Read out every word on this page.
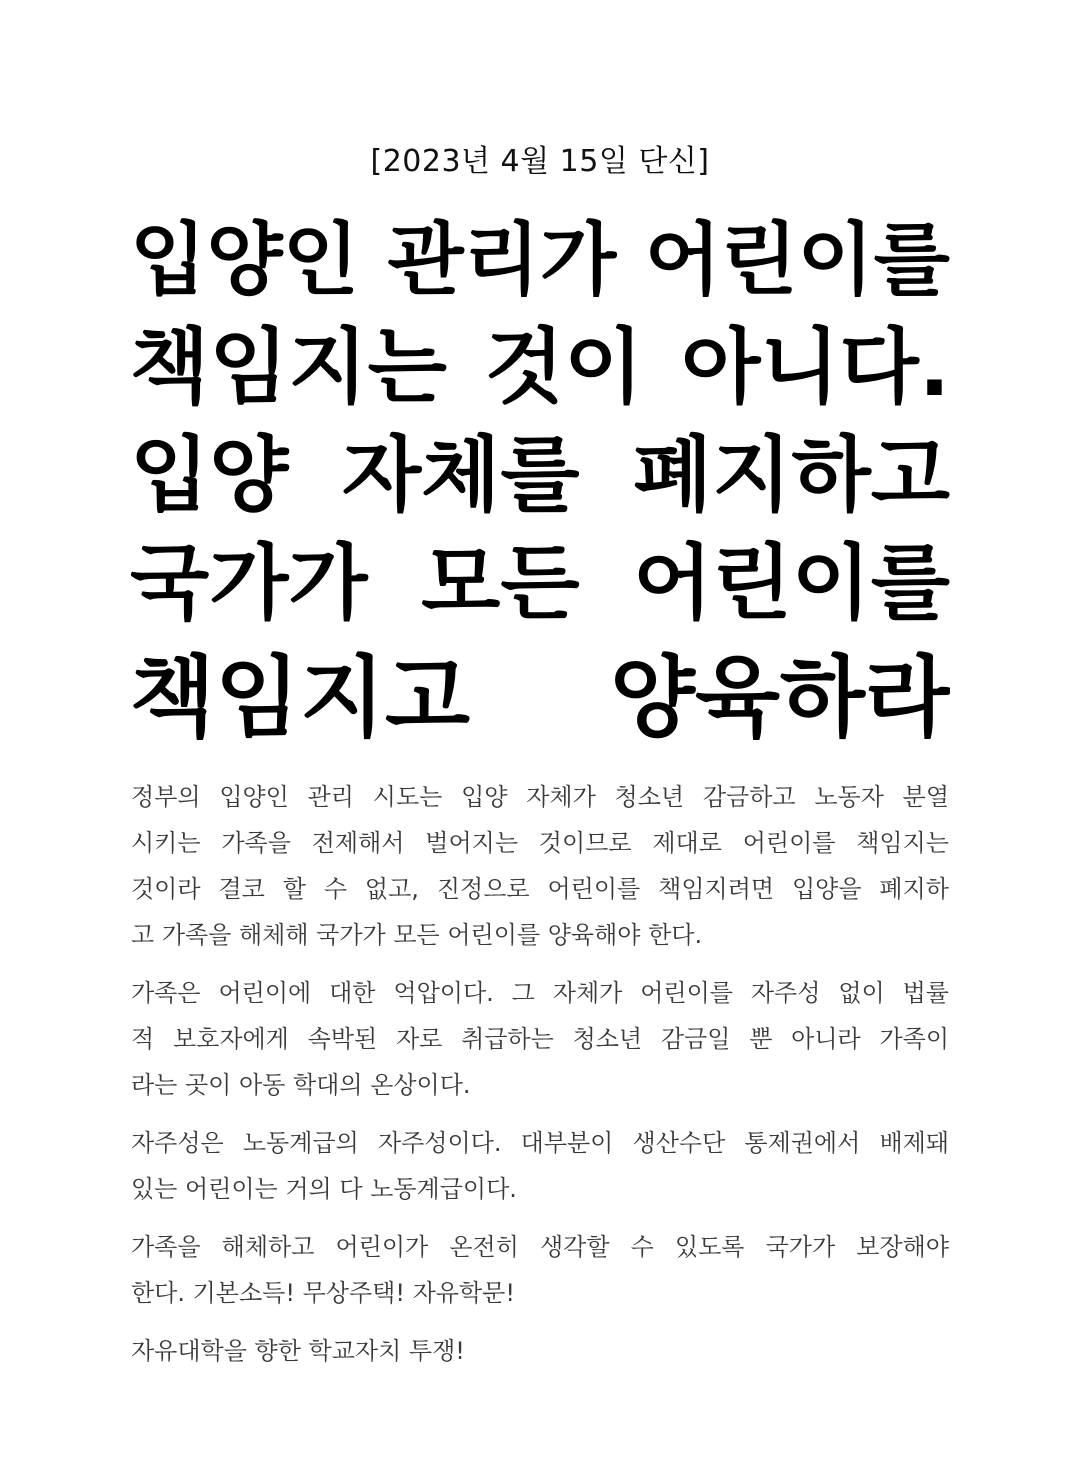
[2023년 4월 15일 단신]
입양인 관리가 어린이를
책임지는 것이 아니다.
입양 자체를 폐지하고
국가가 모든 어린이를
책임지고 양육하라
정부의 입양인 관리 시도는 입양 자체가 청소년 감금하고 노동자 분열
시키는 가족을 전제해서 벌어지는 것이므로 제대로 어린이를 책임지는
것이라 결코 할 수 없고, 진정으로 어린이를 책임지려면 입양을 폐지하
고 가족을 해체해 국가가 모든 어린이를 양육해야 한다.
가족은 어린이에 대한 억압이다. 그 자체가 어린이를 자주성 없이 법률
적 보호자에게 속박된 자로 취급하는 청소년 감금일 뿐 아니라 가족이
라는 곳이 아동 학대의 온상이다.
자주성은 노동계급의 자주성이다. 대부분이 생산수단 통제권에서 배제돼
있는 어린이는 거의 다 노동계급이다.
가족을 해체하고 어린이가 온전히 생각할 수 있도록 국가가 보장해야
한다. 기본소득! 무상주택! 자유학문!
자유대학을 향한 학교자치 투쟁!
